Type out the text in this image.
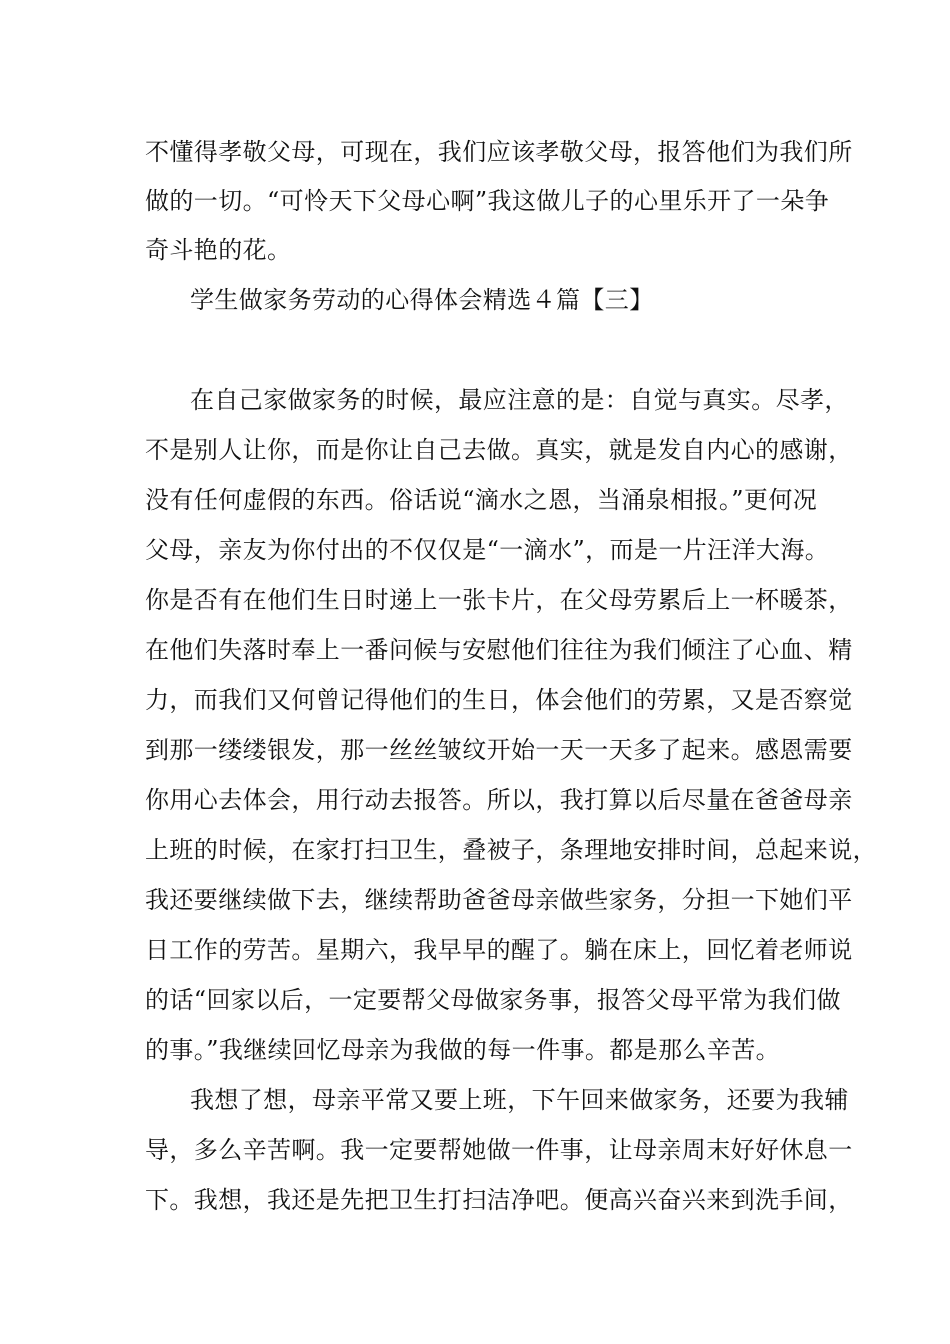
不懂得孝敬父母，可现在，我们应该孝敬父母，报答他们为我们所
做的一切。“可怜天下父母心啊”我这做儿子的心里乐开了一朵争
奇斗艳的花。
学生做家务劳动的心得体会精选４篇【三】
在自己家做家务的时候，最应注意的是：自觉与真实。尽孝，
不是别人让你，而是你让自己去做。真实，就是发自内心的感谢，
没有任何虚假的东西。俗话说“滴水之恩，当涌泉相报。”更何况
父母，亲友为你付出的不仅仅是“一滴水”，而是一片汪洋大海。
你是否有在他们生日时递上一张卡片，在父母劳累后上一杯暖茶，
在他们失落时奉上一番问候与安慰他们往往为我们倾注了心血、精
力，而我们又何曾记得他们的生日，体会他们的劳累，又是否察觉
到那一缕缕银发，那一丝丝皱纹开始一天一天多了起来。感恩需要
你用心去体会，用行动去报答。所以，我打算以后尽量在爸爸母亲
上班的时候，在家打扫卫生，叠被子，条理地安排时间，总起来说，
我还要继续做下去，继续帮助爸爸母亲做些家务，分担一下她们平
日工作的劳苦。星期六，我早早的醒了。躺在床上，回忆着老师说
的话“回家以后，一定要帮父母做家务事，报答父母平常为我们做
的事。”我继续回忆母亲为我做的每一件事。都是那么辛苦。
我想了想，母亲平常又要上班，下午回来做家务，还要为我辅
导，多么辛苦啊。我一定要帮她做一件事，让母亲周末好好休息一
下。我想，我还是先把卫生打扫洁净吧。便高兴奋兴来到洗手间，
